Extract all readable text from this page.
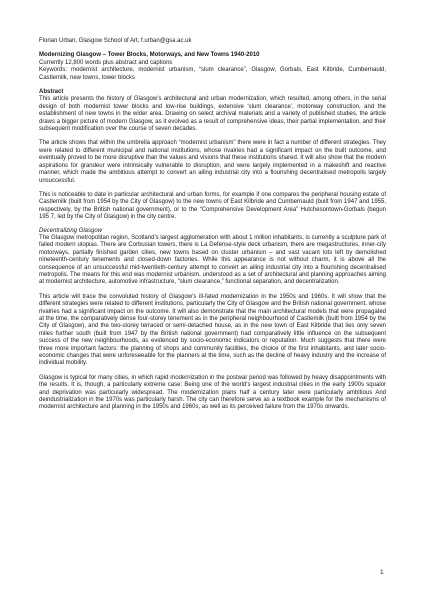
Florian Urban, Glasgow School of Art, f.urban@gsa.ac.uk

Modernizing Glasgow – Tower Blocks, Motorways, and New Towns 1940-2010

Currently 12,800 words plus abstract and captions

Keywords: modernist architecture, modernist urbanism, “slum clearance”, Glasgow, Gorbals, East Kilbride, Cumbernauld, Castlemilk, new towns, tower blocks

Abstract

This article presents the history of Glasgow’s architectural and urban modernization, which resulted, among others, in the serial design of both modernist tower blocks and low-rise buildings, extensive ‘slum clearance’, motorway construction, and the establishment of new towns in the wider area. Drawing on select archival materials and a variety of published studies, the article draws a bigger picture of modern Glasgow, as it evolved as a result of comprehensive ideas, their partial implementation, and their subsequent modification over the course of seven decades.

The article shows that within the umbrella approach “modernist urbanism” there were in fact a number of different strategies. They were related to different municipal and national institutions, whose rivalries had a significant impact on the built outcome, and eventually proved to be more disruptive than the values and visions that these institutions shared. It will also show that the modern aspirations for grandeur were intrinsically vulnerable to disruption, and were largely implemented in a makeshift and reactive manner, which made the ambitious attempt to convert an ailing industrial city into a flourishing decentralised metropolis largely unsuccessful.

This is noticeable to date in particular architectural and urban forms, for example if one compares the peripheral housing estate of Castlemilk (built from 1954 by the City of Glasgow) to the new towns of East Kilbride and Cumbernauld (built from 1947 and 1955, respectively, by the British national government), or to the “Comprehensive Development Area” Hutchesontown-Gorbals (begun 195 7, led by the City of Glasgow) in the city centre.

Decentralizing Glasgow

The Glasgow metropolitan region, Scotland’s largest agglomeration with about 1 million inhabitants, is currently a sculpture park of failed modern utopias. There are Corbusian towers, there is La Defense-style deck urbanism, there are megastructures, inner-city motorways, partially finished garden cities, new towns based on cluster urbanism – and vast vacant lots left by demolished nineteenth-century tenements and closed-down factories. While this appearance is not without charm, it is above all the consequence of an unsuccessful mid-twentieth-century attempt to convert an ailing industrial city into a flourishing decentralised metropolis. The means for this end was modernist urbanism, understood as a set of architectural and planning approaches aiming at modernist architecture, automotive infrastructure, “slum clearance,” functional separation, and decentralization.

This article will trace the convoluted history of Glasgow’s ill-fated modernization in the 1950s and 1960s. It will show that the different strategies were related to different institutions, particularly the City of Glasgow and the British national government, whose rivalries had a significant impact on the outcome. It will also demonstrate that the main architectural models that were propagated at the time, the comparatively dense four-storey tenement as in the peripheral neighbourhood of Castlemilk (built from 1954 by the City of Glasgow), and the two-storey terraced or semi-detached house, as in the new town of East Kilbride that lies only seven miles further south (built from 1947 by the British national government) had comparatively little influence on the subsequent success of the new neighbourhoods, as evidenced by socio-economic indicators or reputation. Much suggests that there were three more important factors: the planning of shops and community facilities, the choice of the first inhabitants, and later socio-economic changes that were unforeseeable for the planners at the time, such as the decline of heavy industry and the increase of individual mobility.

Glasgow is typical for many cities, in which rapid modernization in the postwar period was followed by heavy disappointments with the results. It is, though, a particularly extreme case: Being one of the world’s largest industrial cities in the early 1900s squalor and deprivation was particularly widespread. The modernization plans half a century later were particularly ambitious And deindustrialization in the 1970s was particularly harsh. The city can therefore serve as a textbook example for the mechanisms of modernist architecture and planning in the 1950s and 1960s, as well as its perceived failure from the 1970s onwards.

1
